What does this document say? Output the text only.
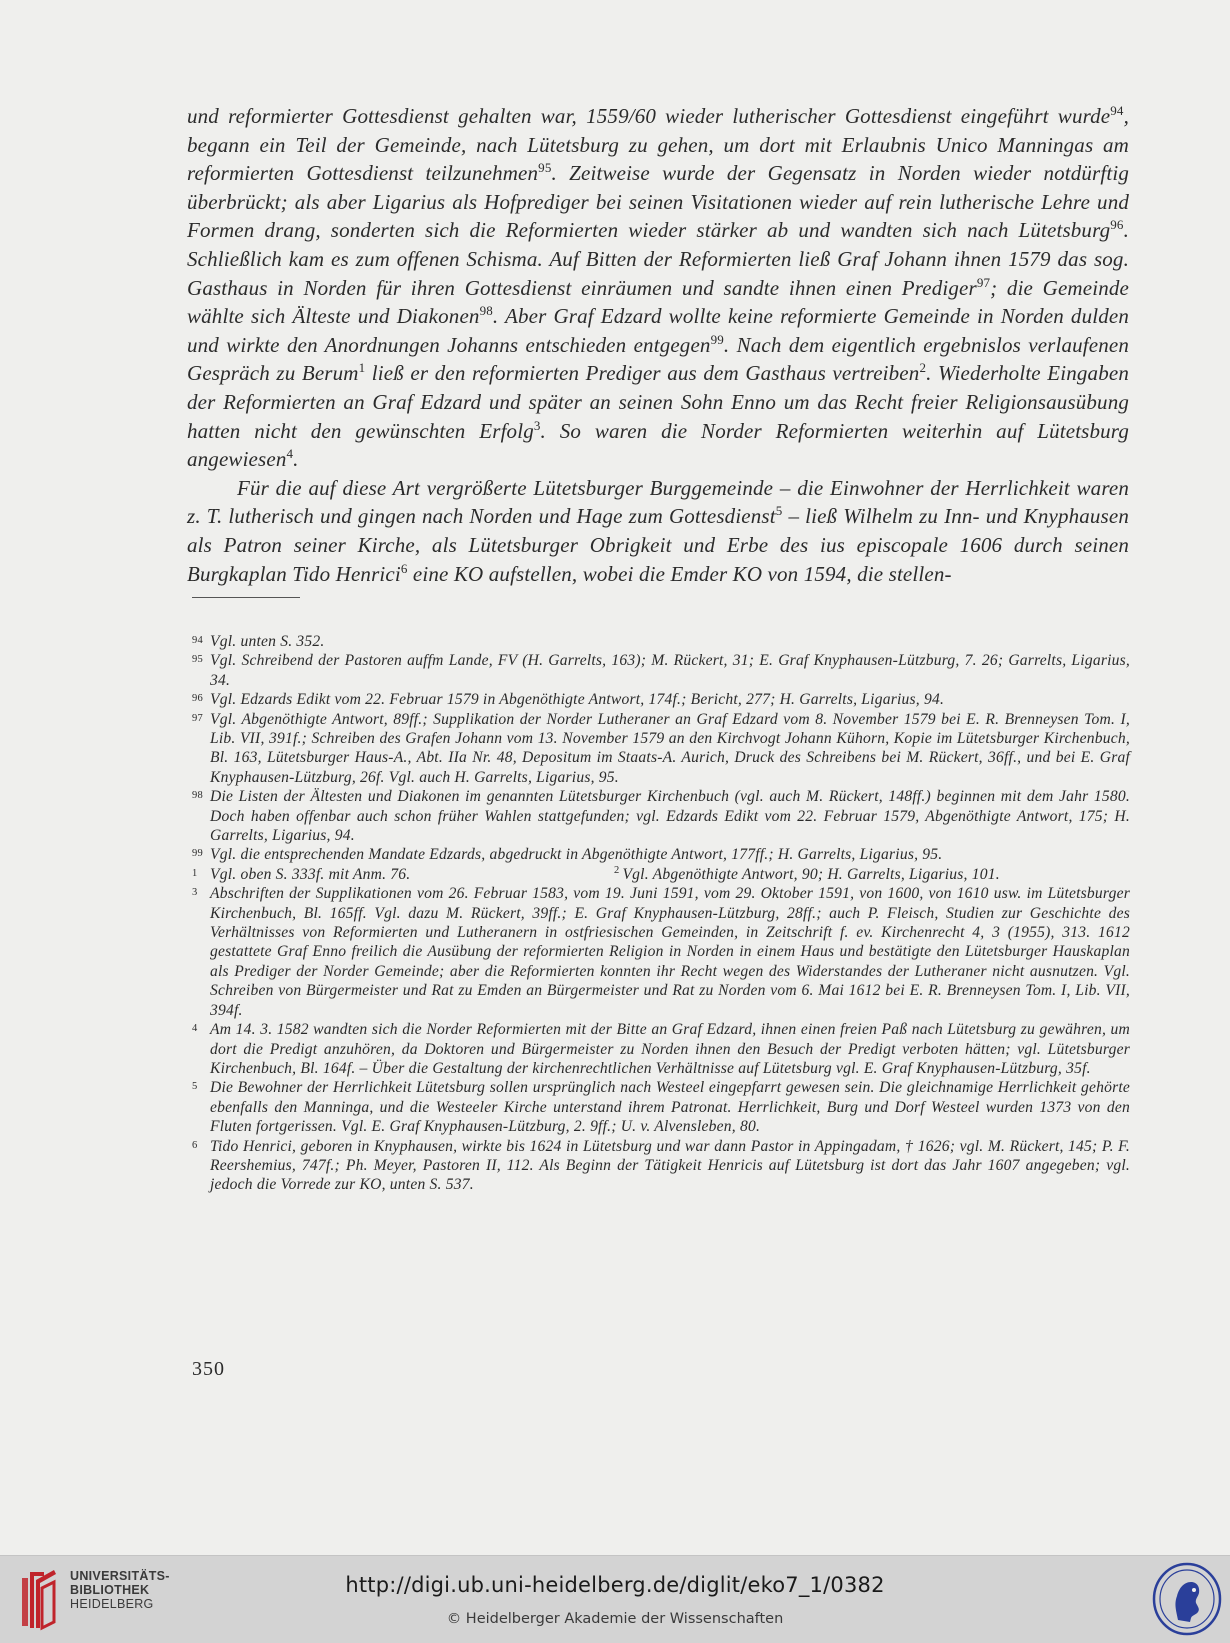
und reformierter Gottesdienst gehalten war, 1559/60 wieder lutherischer Gottesdienst eingeführt wurde$^{94}$, begann ein Teil der Gemeinde, nach Lütetsburg zu gehen, um dort mit Erlaubnis Unico Manningas am reformierten Gottesdienst teilzunehmen$^{95}$. Zeitweise wurde der Gegensatz in Norden wieder notdürftig überbrückt; als aber Ligarius als Hofprediger bei seinen Visitationen wieder auf rein lutherische Lehre und Formen drang, sonderten sich die Reformierten wieder stärker ab und wandten sich nach Lütetsburg$^{96}$. Schließlich kam es zum offenen Schisma. Auf Bitten der Reformierten ließ Graf Johann ihnen 1579 das sog. Gasthaus in Norden für ihren Gottesdienst einräumen und sandte ihnen einen Prediger$^{97}$; die Gemeinde wählte sich Älteste und Diakonen$^{98}$. Aber Graf Edzard wollte keine reformierte Gemeinde in Norden dulden und wirkte den Anordnungen Johanns entschieden entgegen$^{99}$. Nach dem eigentlich ergebnislos verlaufenen Gespräch zu Berum$^1$ ließ er den reformierten Prediger aus dem Gasthaus vertreiben$^2$. Wiederholte Eingaben der Reformierten an Graf Edzard und später an seinen Sohn Enno um das Recht freier Religionsausübung hatten nicht den gewünschten Erfolg$^3$. So waren die Norder Reformierten weiterhin auf Lütetsburg angewiesen$^4$.

Für die auf diese Art vergrößerte Lütetsburger Burggemeinde – die Einwohner der Herrlichkeit waren z. T. lutherisch und gingen nach Norden und Hage zum Gottesdienst$^5$ – ließ Wilhelm zu Inn- und Knyphausen als Patron seiner Kirche, als Lütetsburger Obrigkeit und Erbe des ius episcopale 1606 durch seinen Burgkaplan Tido Henrici$^6$ eine KO aufstellen, wobei die Emder KO von 1594, die stellen-

94 Vgl. unten S. 352.
95 Vgl. Schreibend der Pastoren auffm Lande, FV (H. Garrelts, 163); M. Rückert, 31; E. Graf Knyphausen-Lützburg, 7. 26; Garrelts, Ligarius, 34.
96 Vgl. Edzards Edikt vom 22. Februar 1579 in Abgenöthigte Antwort, 174f.; Bericht, 277; H. Garrelts, Ligarius, 94.
97 Vgl. Abgenöthigte Antwort, 89ff.; Supplikation der Norder Lutheraner an Graf Edzard vom 8. November 1579 bei E. R. Brenneysen Tom. I, Lib. VII, 391f.; Schreiben des Grafen Johann vom 13. November 1579 an den Kirchvogt Johann Kühorn, Kopie im Lütetsburger Kirchenbuch, Bl. 163, Lütetsburger Haus-A., Abt. IIa Nr. 48, Depositum im Staats-A. Aurich, Druck des Schreibens bei M. Rückert, 36ff., und bei E. Graf Knyphausen-Lützburg, 26f. Vgl. auch H. Garrelts, Ligarius, 95.
98 Die Listen der Ältesten und Diakonen im genannten Lütetsburger Kirchenbuch (vgl. auch M. Rückert, 148ff.) beginnen mit dem Jahr 1580. Doch haben offenbar auch schon früher Wahlen stattgefunden; vgl. Edzards Edikt vom 22. Februar 1579, Abgenöthigte Antwort, 175; H. Garrelts, Ligarius, 94.
99 Vgl. die entsprechenden Mandate Edzards, abgedruckt in Abgenöthigte Antwort, 177ff.; H. Garrelts, Ligarius, 95.
1 Vgl. oben S. 333f. mit Anm. 76.	$^2$ Vgl. Abgenöthigte Antwort, 90; H. Garrelts, Ligarius, 101.
3 Abschriften der Supplikationen vom 26. Februar 1583, vom 19. Juni 1591, vom 29. Oktober 1591, von 1600, von 1610 usw. im Lütetsburger Kirchenbuch, Bl. 165ff. Vgl. dazu M. Rückert, 39ff.; E. Graf Knyphausen-Lützburg, 28ff.; auch P. Fleisch, Studien zur Geschichte des Verhältnisses von Reformierten und Lutheranern in ostfriesischen Gemeinden, in Zeitschrift f. ev. Kirchenrecht 4, 3 (1955), 313. 1612 gestattete Graf Enno freilich die Ausübung der reformierten Religion in Norden in einem Haus und bestätigte den Lütetsburger Hauskaplan als Prediger der Norder Gemeinde; aber die Reformierten konnten ihr Recht wegen des Widerstandes der Lutheraner nicht ausnutzen. Vgl. Schreiben von Bürgermeister und Rat zu Emden an Bürgermeister und Rat zu Norden vom 6. Mai 1612 bei E. R. Brenneysen Tom. I, Lib. VII, 394f.
4 Am 14. 3. 1582 wandten sich die Norder Reformierten mit der Bitte an Graf Edzard, ihnen einen freien Paß nach Lütetsburg zu gewähren, um dort die Predigt anzuhören, da Doktoren und Bürgermeister zu Norden ihnen den Besuch der Predigt verboten hätten; vgl. Lütetsburger Kirchenbuch, Bl. 164f. – Über die Gestaltung der kirchenrechtlichen Verhältnisse auf Lütetsburg vgl. E. Graf Knyphausen-Lützburg, 35f.
5 Die Bewohner der Herrlichkeit Lütetsburg sollen ursprünglich nach Westeel eingepfarrt gewesen sein. Die gleichnamige Herrlichkeit gehörte ebenfalls den Manninga, und die Westeeler Kirche unterstand ihrem Patronat. Herrlichkeit, Burg und Dorf Westeel wurden 1373 von den Fluten fortgerissen. Vgl. E. Graf Knyphausen-Lützburg, 2. 9ff.; U. v. Alvensleben, 80.
6 Tido Henrici, geboren in Knyphausen, wirkte bis 1624 in Lütetsburg und war dann Pastor in Appingadam, † 1626; vgl. M. Rückert, 145; P. F. Reershemius, 747f.; Ph. Meyer, Pastoren II, 112. Als Beginn der Tätigkeit Henricis auf Lütetsburg ist dort das Jahr 1607 angegeben; vgl. jedoch die Vorrede zur KO, unten S. 537.
350
UNIVERSITÄTS-
BIBLIOTHEK
HEIDELBERG
http://digi.ub.uni-heidelberg.de/diglit/eko7_1/0382
© Heidelberger Akademie der Wissenschaften
